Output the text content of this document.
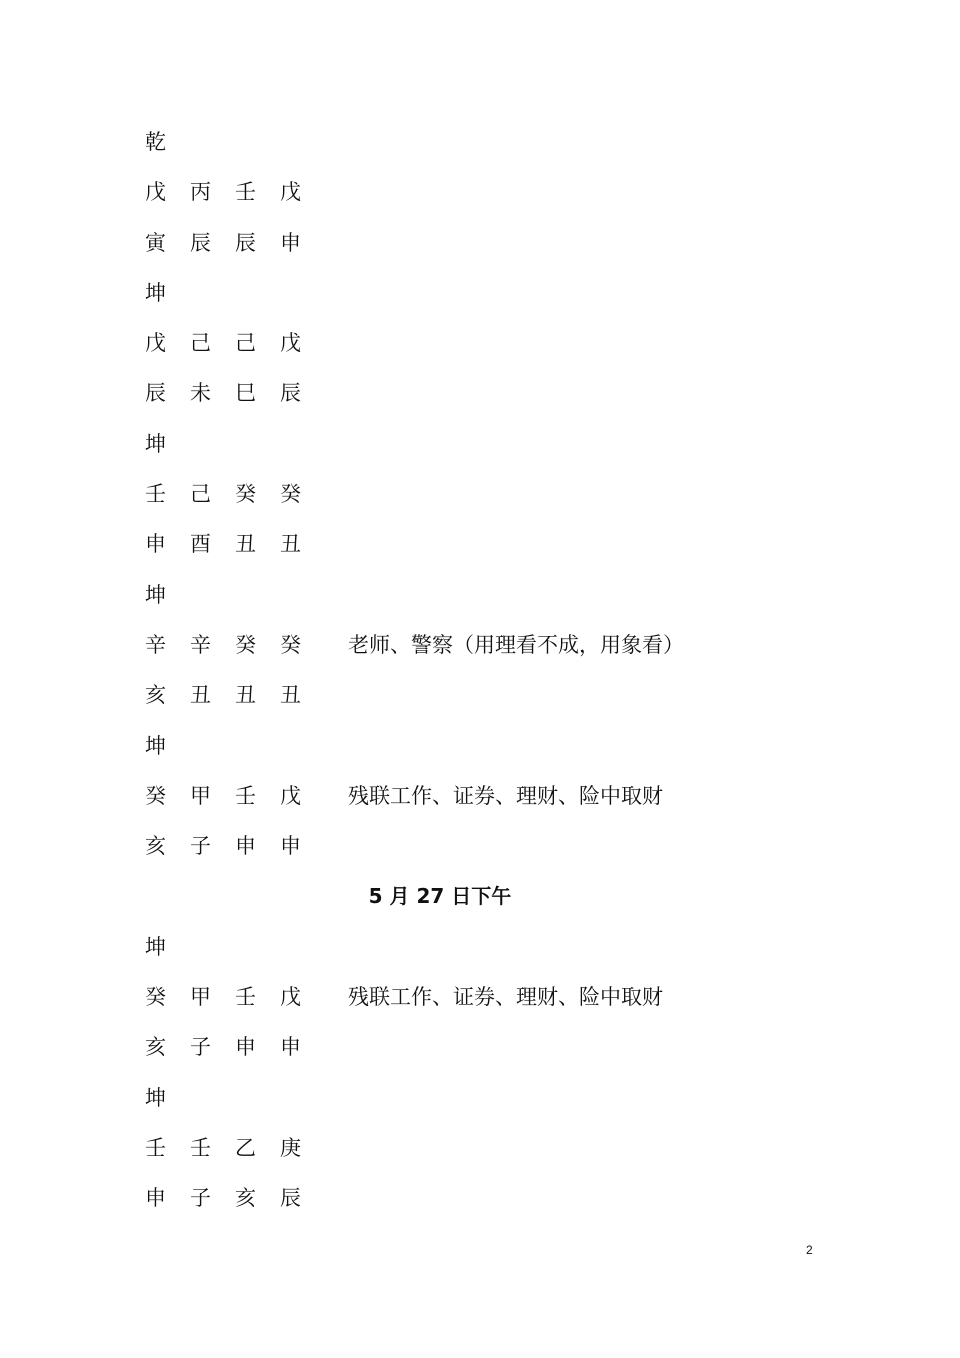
乾
戊 丙 壬 戊
寅 辰 辰 申
坤
戊 己 己 戊
辰 未 巳 辰
坤
壬 己 癸 癸
申 酉 丑 丑
坤
辛 辛 癸 癸 老师、警察（用理看不成，用象看）
亥 丑 丑 丑
坤
癸 甲 壬 戊 残联工作、证券、理财、险中取财
亥 子 申 申
5 月 27 日下午
坤
癸 甲 壬 戊 残联工作、证券、理财、险中取财
亥 子 申 申
坤
壬 壬 乙 庚
申 子 亥 辰
2
